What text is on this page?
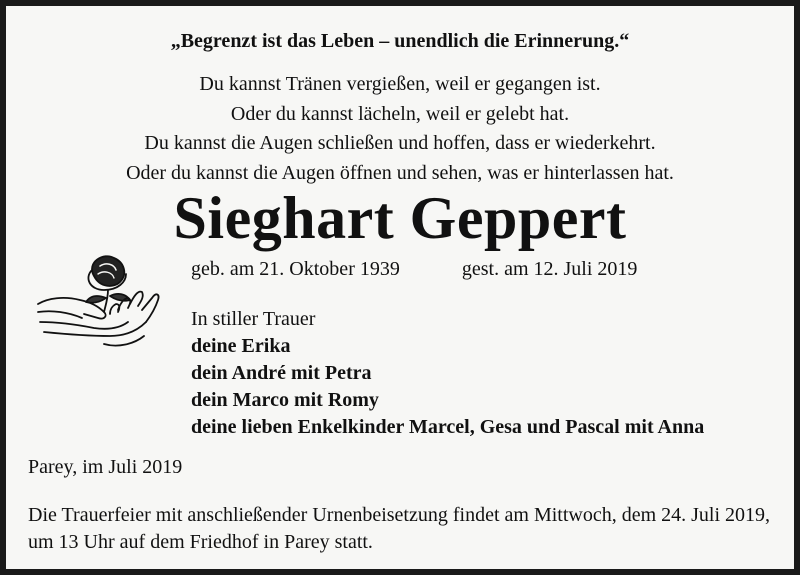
„Begrenzt ist das Leben – unendlich die Erinnerung.“
Du kannst Tränen vergießen, weil er gegangen ist.
Oder du kannst lächeln, weil er gelebt hat.
Du kannst die Augen schließen und hoffen, dass er wiederkehrt.
Oder du kannst die Augen öffnen und sehen, was er hinterlassen hat.
Sieghart Geppert
geb. am 21. Oktober 1939	gest. am 12. Juli 2019
In stiller Trauer
deine Erika
dein André mit Petra
dein Marco mit Romy
deine lieben Enkelkinder Marcel, Gesa und Pascal mit Anna
Parey, im Juli 2019
Die Trauerfeier mit anschließender Urnenbeisetzung findet am Mittwoch, dem 24. Juli 2019,
um 13 Uhr auf dem Friedhof in Parey statt.
